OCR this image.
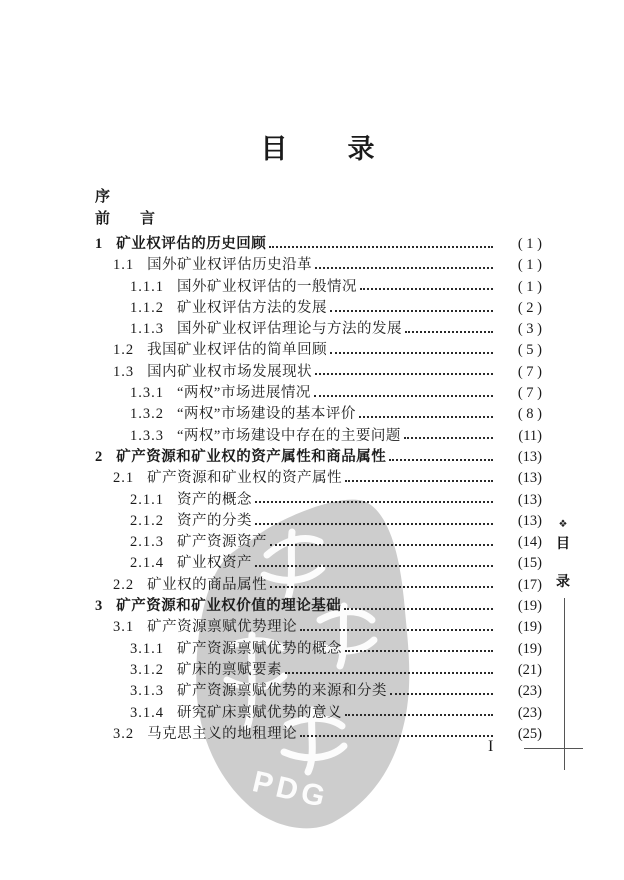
PDG
目　　录
序
前　　言
1 矿业权评估的历史回顾	( 1 )
1.1 国外矿业权评估历史沿革	( 1 )
1.1.1 国外矿业权评估的一般情况	( 1 )
1.1.2 矿业权评估方法的发展	( 2 )
1.1.3 国外矿业权评估理论与方法的发展	( 3 )
1.2 我国矿业权评估的简单回顾	( 5 )
1.3 国内矿业权市场发展现状	( 7 )
1.3.1 “两权”市场进展情况	( 7 )
1.3.2 “两权”市场建设的基本评价	( 8 )
1.3.3 “两权”市场建设中存在的主要问题	(11)
2 矿产资源和矿业权的资产属性和商品属性	(13)
2.1 矿产资源和矿业权的资产属性	(13)
2.1.1 资产的概念	(13)
2.1.2 资产的分类	(13)
2.1.3 矿产资源资产	(14)
2.1.4 矿业权资产	(15)
2.2 矿业权的商品属性	(17)
3 矿产资源和矿业权价值的理论基础	(19)
3.1 矿产资源禀赋优势理论	(19)
3.1.1 矿产资源禀赋优势的概念	(19)
3.1.2 矿床的禀赋要素	(21)
3.1.3 矿产资源禀赋优势的来源和分类	(23)
3.1.4 研究矿床禀赋优势的意义	(23)
3.2 马克思主义的地租理论	(25)
❖
目
录
I
